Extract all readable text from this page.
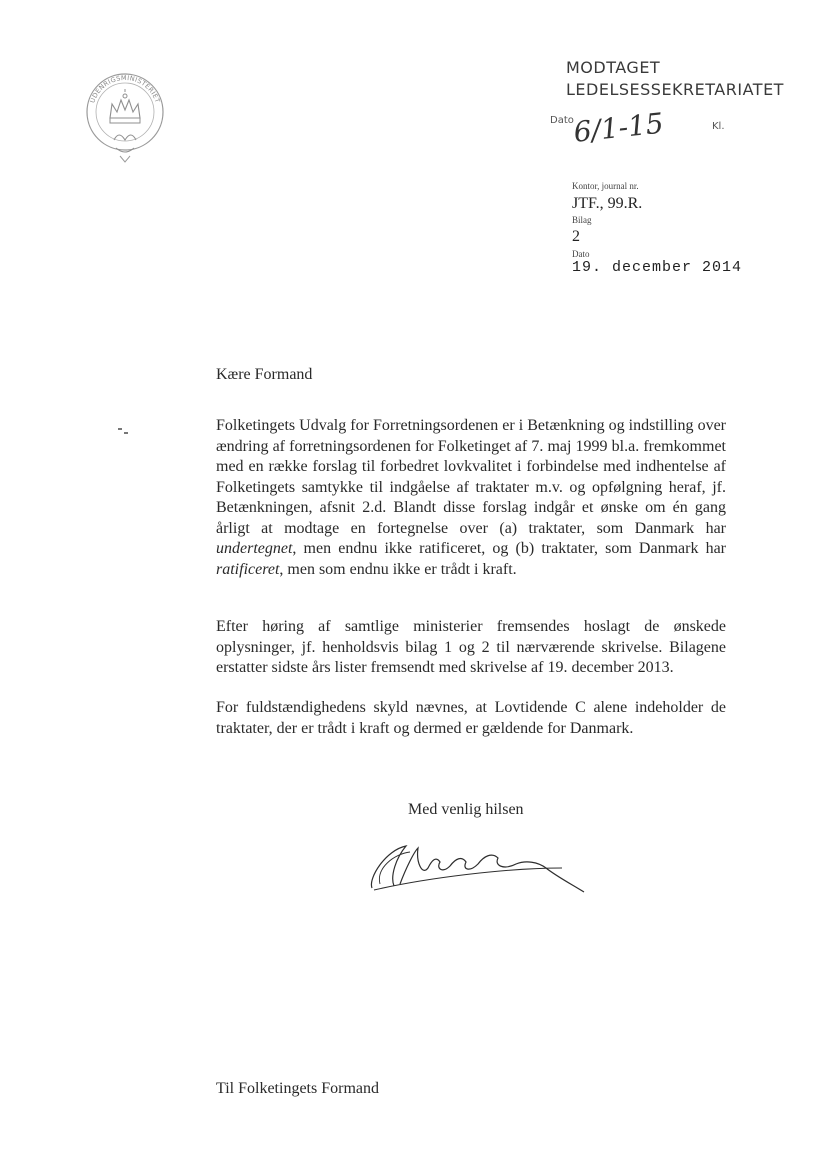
UDENRIGSMINISTERIET
MODTAGET
LEDELSESSEKRETARIATET
Dato
6/1-15	Kl.
Kontor, journal nr.
JTF., 99.R.
Bilag
2
Dato
19. december 2014
Kære Formand
Folketingets Udvalg for Forretningsordenen er i Betænkning og indstilling over ændring af forretningsordenen for Folketinget af 7. maj 1999 bl.a. fremkommet med en række forslag til forbedret lovkvalitet i forbindelse med indhentelse af Folketingets samtykke til indgåelse af traktater m.v. og opfølgning heraf, jf. Betænkningen, afsnit 2.d. Blandt disse forslag indgår et ønske om én gang årligt at modtage en fortegnelse over (a) traktater, som Danmark har undertegnet, men endnu ikke ratificeret, og (b) traktater, som Danmark har ratificeret, men som endnu ikke er trådt i kraft.
Efter høring af samtlige ministerier fremsendes hoslagt de ønskede oplysninger, jf. henholdsvis bilag 1 og 2 til nærværende skrivelse. Bilagene erstatter sidste års lister fremsendt med skrivelse af 19. december 2013.
For fuldstændighedens skyld nævnes, at Lovtidende C alene indeholder de traktater, der er trådt i kraft og dermed er gældende for Danmark.
Med venlig hilsen
Til Folketingets Formand
